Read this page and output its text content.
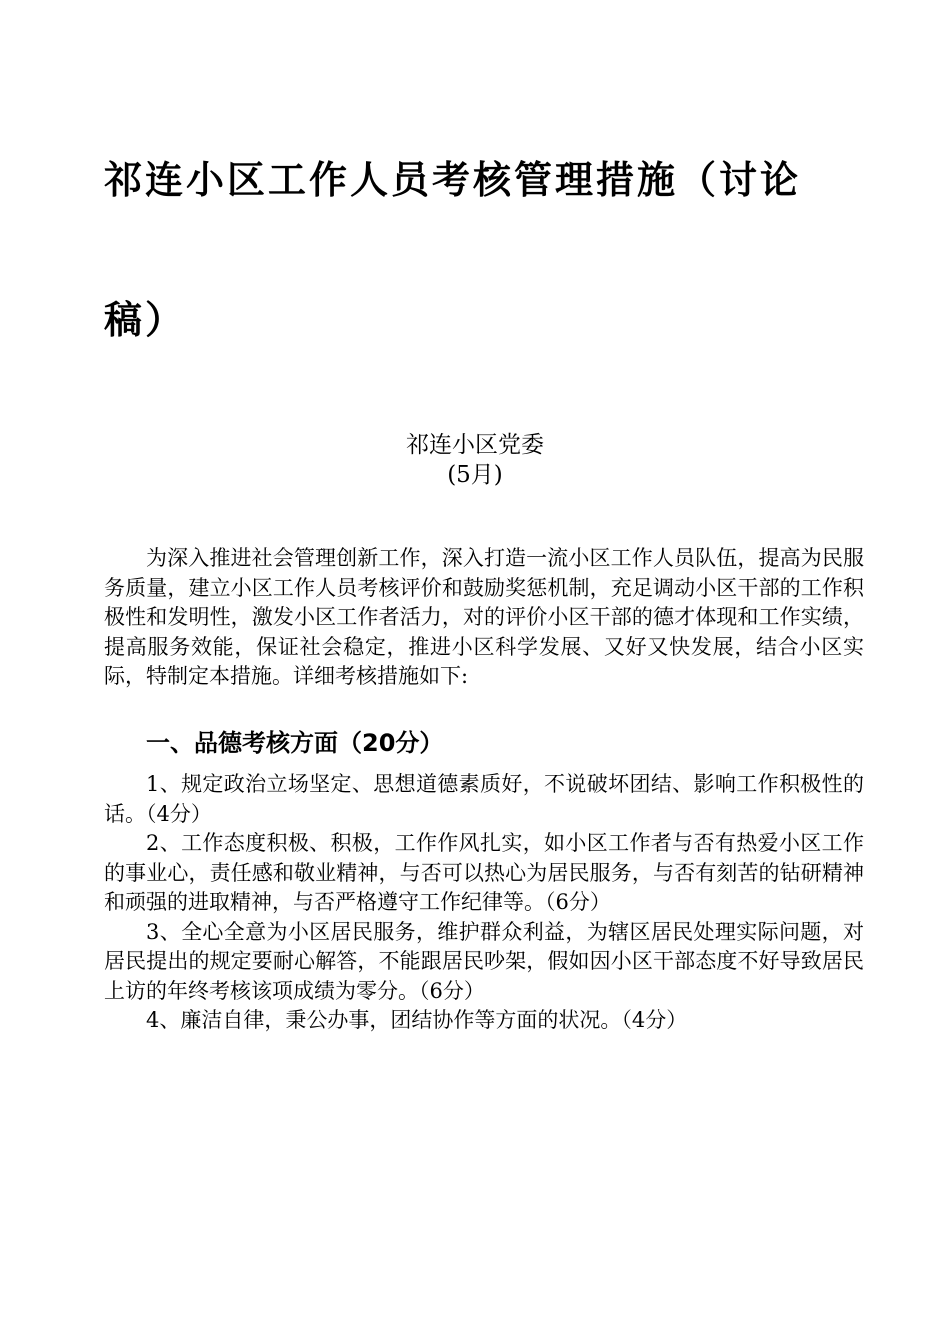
祁连小区工作人员考核管理措施（讨论
稿）
祁连小区党委
(5月)

为深入推进社会管理创新工作，深入打造一流小区工作人员队伍，提高为民服务质量，建立小区工作人员考核评价和鼓励奖惩机制，充足调动小区干部的工作积极性和发明性，激发小区工作者活力，对的评价小区干部的德才体现和工作实绩，提高服务效能，保证社会稳定，推进小区科学发展、又好又快发展，结合小区实际，特制定本措施。详细考核措施如下:

一、品德考核方面（20分）

1、规定政治立场坚定、思想道德素质好，不说破坏团结、影响工作积极性的话。（4分）

2、工作态度积极、积极，工作作风扎实，如小区工作者与否有热爱小区工作的事业心，责任感和敬业精神，与否可以热心为居民服务，与否有刻苦的钻研精神和顽强的进取精神，与否严格遵守工作纪律等。（6分）

3、全心全意为小区居民服务，维护群众利益，为辖区居民处理实际问题，对居民提出的规定要耐心解答，不能跟居民吵架，假如因小区干部态度不好导致居民上访的年终考核该项成绩为零分。（6分）

4、廉洁自律，秉公办事，团结协作等方面的状况。（4分）
